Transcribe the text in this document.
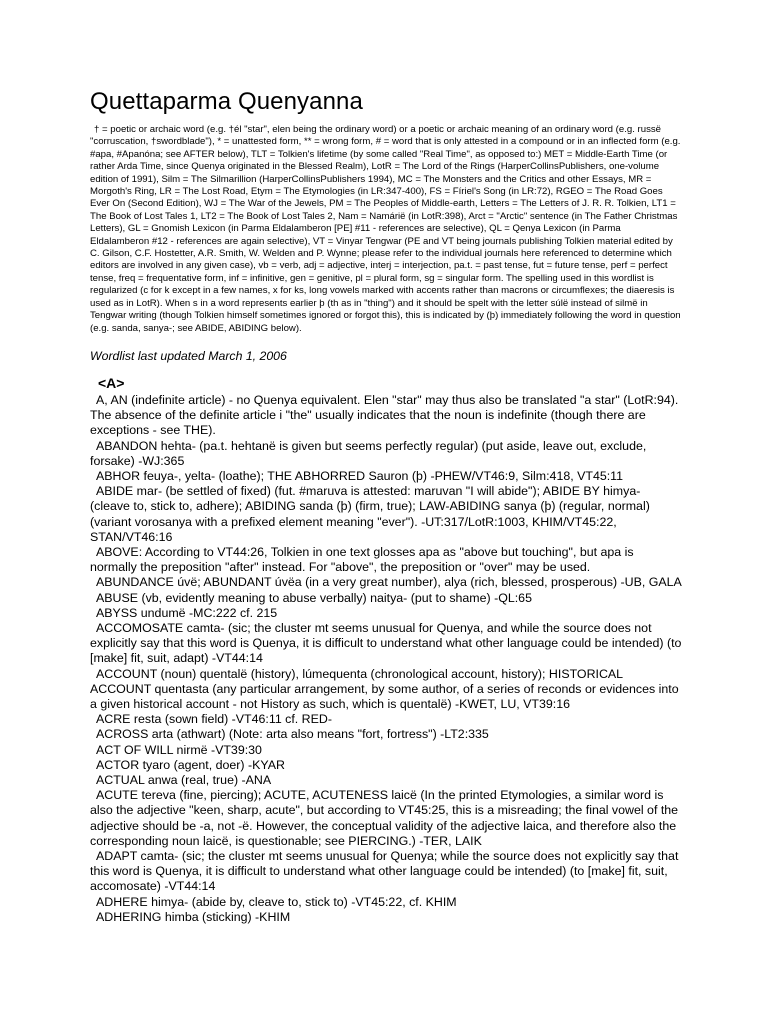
Quettaparma Quenyanna

† = poetic or archaic word (e.g. †él "star", elen being the ordinary word) or a poetic or archaic meaning of an ordinary word (e.g. russë "corruscation, †swordblade"), * = unattested form, ** = wrong form, # = word that is only attested in a compound or in an inflected form (e.g. #apa, #Apanóna; see AFTER below), TLT = Tolkien's lifetime (by some called "Real Time", as opposed to:) MET = Middle-Earth Time (or rather Arda Time, since Quenya originated in the Blessed Realm), LotR = The Lord of the Rings (HarperCollinsPublishers, one-volume edition of 1991), Silm = The Silmarillion (HarperCollinsPublishers 1994), MC = The Monsters and the Critics and other Essays, MR = Morgoth's Ring, LR = The Lost Road, Etym = The Etymologies (in LR:347-400), FS = Fíriel's Song (in LR:72), RGEO = The Road Goes Ever On (Second Edition), WJ = The War of the Jewels, PM = The Peoples of Middle-earth, Letters = The Letters of J. R. R. Tolkien, LT1 = The Book of Lost Tales 1, LT2 = The Book of Lost Tales 2, Nam = Namárië (in LotR:398), Arct = "Arctic" sentence (in The Father Christmas Letters), GL = Gnomish Lexicon (in Parma Eldalamberon [PE] #11 - references are selective), QL = Qenya Lexicon (in Parma Eldalamberon #12 - references are again selective), VT = Vinyar Tengwar (PE and VT being journals publishing Tolkien material edited by C. Gilson, C.F. Hostetter, A.R. Smith, W. Welden and P. Wynne; please refer to the individual journals here referenced to determine which editors are involved in any given case), vb = verb, adj = adjective, interj = interjection, pa.t. = past tense, fut = future tense, perf = perfect tense, freq = frequentative form, inf = infinitive, gen = genitive, pl = plural form, sg = singular form. The spelling used in this wordlist is regularized (c for k except in a few names, x for ks, long vowels marked with accents rather than macrons or circumflexes; the diaeresis is used as in LotR). When s in a word represents earlier þ (th as in "thing") and it should be spelt with the letter súlë instead of silmë in Tengwar writing (though Tolkien himself sometimes ignored or forgot this), this is indicated by (þ) immediately following the word in question (e.g. sanda, sanya-; see ABIDE, ABIDING below).

Wordlist last updated March 1, 2006

<A>

A, AN (indefinite article) - no Quenya equivalent. Elen "star" may thus also be translated "a star" (LotR:94). The absence of the definite article i "the" usually indicates that the noun is indefinite (though there are exceptions - see THE).

ABANDON hehta- (pa.t. hehtanë is given but seems perfectly regular) (put aside, leave out, exclude, forsake) -WJ:365

ABHOR feuya-, yelta- (loathe); THE ABHORRED Sauron (þ) -PHEW/VT46:9, Silm:418, VT45:11

ABIDE mar- (be settled of fixed) (fut. #maruva is attested: maruvan "I will abide"); ABIDE BY himya- (cleave to, stick to, adhere); ABIDING sanda (þ) (firm, true); LAW-ABIDING sanya (þ) (regular, normal) (variant vorosanya with a prefixed element meaning "ever"). -UT:317/LotR:1003, KHIM/VT45:22, STAN/VT46:16

ABOVE: According to VT44:26, Tolkien in one text glosses apa as "above but touching", but apa is normally the preposition "after" instead. For "above", the preposition or "over" may be used.

ABUNDANCE úvë; ABUNDANT úvëa (in a very great number), alya (rich, blessed, prosperous) -UB, GALA

ABUSE (vb, evidently meaning to abuse verbally) naitya- (put to shame) -QL:65

ABYSS undumë -MC:222 cf. 215

ACCOMOSATE camta- (sic; the cluster mt seems unusual for Quenya, and while the source does not explicitly say that this word is Quenya, it is difficult to understand what other language could be intended) (to [make] fit, suit, adapt) -VT44:14

ACCOUNT (noun) quentalë (history), lúmequenta (chronological account, history); HISTORICAL ACCOUNT quentasta (any particular arrangement, by some author, of a series of reconds or evidences into a given historical account - not History as such, which is quentalë) -KWET, LU, VT39:16

ACRE resta (sown field) -VT46:11 cf. RED-

ACROSS arta (athwart) (Note: arta also means "fort, fortress") -LT2:335

ACT OF WILL nirmë -VT39:30

ACTOR tyaro (agent, doer) -KYAR

ACTUAL anwa (real, true) -ANA

ACUTE tereva (fine, piercing); ACUTE, ACUTENESS laicë (In the printed Etymologies, a similar word is also the adjective "keen, sharp, acute", but according to VT45:25, this is a misreading; the final vowel of the adjective should be -a, not -ë. However, the conceptual validity of the adjective laica, and therefore also the corresponding noun laicë, is questionable; see PIERCING.) -TER, LAIK

ADAPT camta- (sic; the cluster mt seems unusual for Quenya; while the source does not explicitly say that this word is Quenya, it is difficult to understand what other language could be intended) (to [make] fit, suit, accomosate) -VT44:14

ADHERE himya- (abide by, cleave to, stick to) -VT45:22, cf. KHIM

ADHERING himba (sticking) -KHIM
